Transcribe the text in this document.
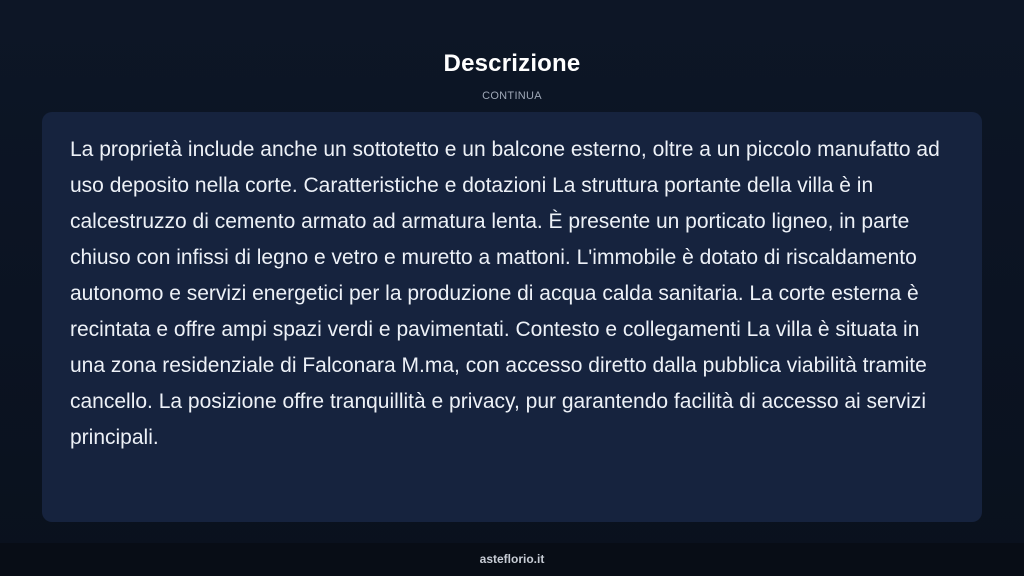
Descrizione
CONTINUA

La proprietà include anche un sottotetto e un balcone esterno, oltre a un piccolo manufatto ad uso deposito nella corte. Caratteristiche e dotazioni La struttura portante della villa è in calcestruzzo di cemento armato ad armatura lenta. È presente un porticato ligneo, in parte chiuso con infissi di legno e vetro e muretto a mattoni. L'immobile è dotato di riscaldamento autonomo e servizi energetici per la produzione di acqua calda sanitaria. La corte esterna è recintata e offre ampi spazi verdi e pavimentati. Contesto e collegamenti La villa è situata in una zona residenziale di Falconara M.ma, con accesso diretto dalla pubblica viabilità tramite cancello. La posizione offre tranquillità e privacy, pur garantendo facilità di accesso ai servizi principali.

asteflorio.it
